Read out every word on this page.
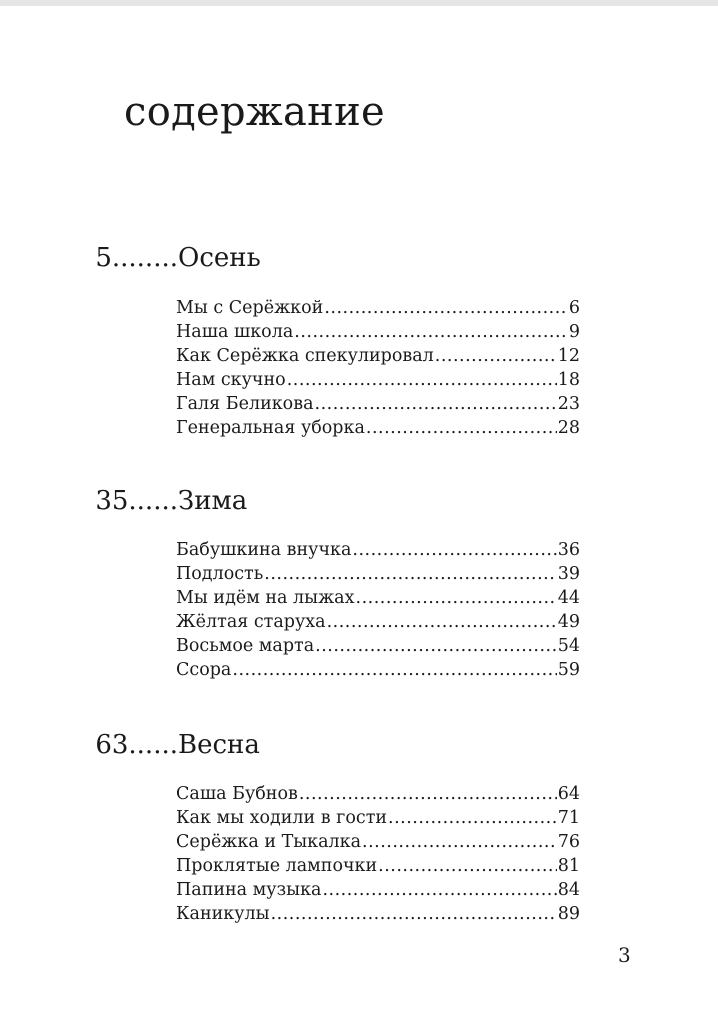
содержание
5........ Осень
Мы с Серёжкой .....	6
Наша школа .....	9
Как Серёжка спекулировал .....	12
Нам скучно .....	18
Галя Беликова .....	23
Генеральная уборка .....	28
35...... Зима
Бабушкина внучка .....	36
Подлость .....	39
Мы идём на лыжах .....	44
Жёлтая старуха .....	49
Восьмое марта .....	54
Ссора .....	59
63...... Весна
Саша Бубнов .....	64
Как мы ходили в гости .....	71
Серёжка и Тыкалка .....	76
Проклятые лампочки .....	81
Папина музыка .....	84
Каникулы .....	89
3
